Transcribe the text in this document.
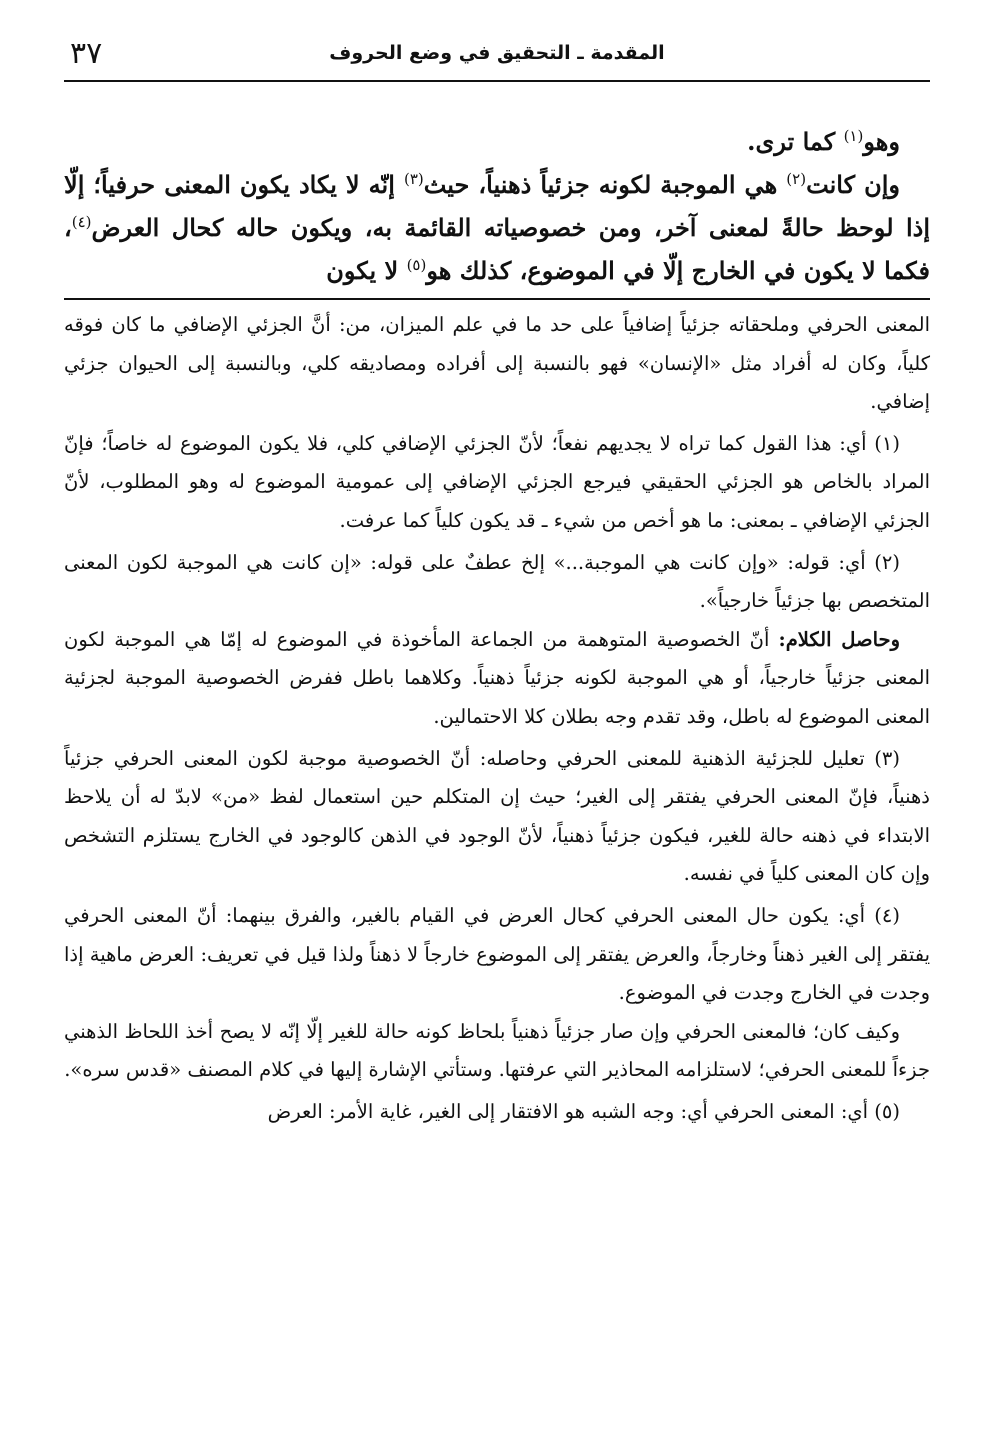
المقدمة ـ التحقيق في وضع الحروف
٣٧

وهو$^{(١)}$ كما ترى.

وإن كانت$^{(٢)}$ هي الموجبة لكونه جزئياً ذهنياً، حيث$^{(٣)}$ إنّه لا يكاد يكون المعنى حرفياً؛ إلّا إذا لوحظ حالةً لمعنى آخر، ومن خصوصياته القائمة به، ويكون حاله كحال العرض$^{(٤)}$، فكما لا يكون في الخارج إلّا في الموضوع، كذلك هو$^{(٥)}$ لا يكون

المعنى الحرفي وملحقاته جزئياً إضافياً على حد ما في علم الميزان، من: أنَّ الجزئي الإضافي ما كان فوقه كلياً، وكان له أفراد مثل «الإنسان» فهو بالنسبة إلى أفراده ومصاديقه كلي، وبالنسبة إلى الحيوان جزئي إضافي.

(١) أي: هذا القول كما تراه لا يجديهم نفعاً؛ لأنّ الجزئي الإضافي كلي، فلا يكون الموضوع له خاصاً؛ فإنّ المراد بالخاص هو الجزئي الحقيقي فيرجع الجزئي الإضافي إلى عمومية الموضوع له وهو المطلوب، لأنّ الجزئي الإضافي ـ بمعنى: ما هو أخص من شيء ـ قد يكون كلياً كما عرفت.

(٢) أي: قوله: «وإن كانت هي الموجبة...» إلخ عطفٌ على قوله: «إن كانت هي الموجبة لكون المعنى المتخصص بها جزئياً خارجياً».

وحاصل الكلام: أنّ الخصوصية المتوهمة من الجماعة المأخوذة في الموضوع له إمّا هي الموجبة لكون المعنى جزئياً خارجياً، أو هي الموجبة لكونه جزئياً ذهنياً. وكلاهما باطل ففرض الخصوصية الموجبة لجزئية المعنى الموضوع له باطل، وقد تقدم وجه بطلان كلا الاحتمالين.

(٣) تعليل للجزئية الذهنية للمعنى الحرفي وحاصله: أنّ الخصوصية موجبة لكون المعنى الحرفي جزئياً ذهنياً، فإنّ المعنى الحرفي يفتقر إلى الغير؛ حيث إن المتكلم حين استعمال لفظ «من» لابدّ له أن يلاحظ الابتداء في ذهنه حالة للغير، فيكون جزئياً ذهنياً، لأنّ الوجود في الذهن كالوجود في الخارج يستلزم التشخص وإن كان المعنى كلياً في نفسه.

(٤) أي: يكون حال المعنى الحرفي كحال العرض في القيام بالغير، والفرق بينهما: أنّ المعنى الحرفي يفتقر إلى الغير ذهناً وخارجاً، والعرض يفتقر إلى الموضوع خارجاً لا ذهناً ولذا قيل في تعريف: العرض ماهية إذا وجدت في الخارج وجدت في الموضوع.

وكيف كان؛ فالمعنى الحرفي وإن صار جزئياً ذهنياً بلحاظ كونه حالة للغير إلّا إنّه لا يصح أخذ اللحاظ الذهني جزءاً للمعنى الحرفي؛ لاستلزامه المحاذير التي عرفتها. وستأتي الإشارة إليها في كلام المصنف «قدس سره».

(٥) أي: المعنى الحرفي أي: وجه الشبه هو الافتقار إلى الغير، غاية الأمر: العرض
